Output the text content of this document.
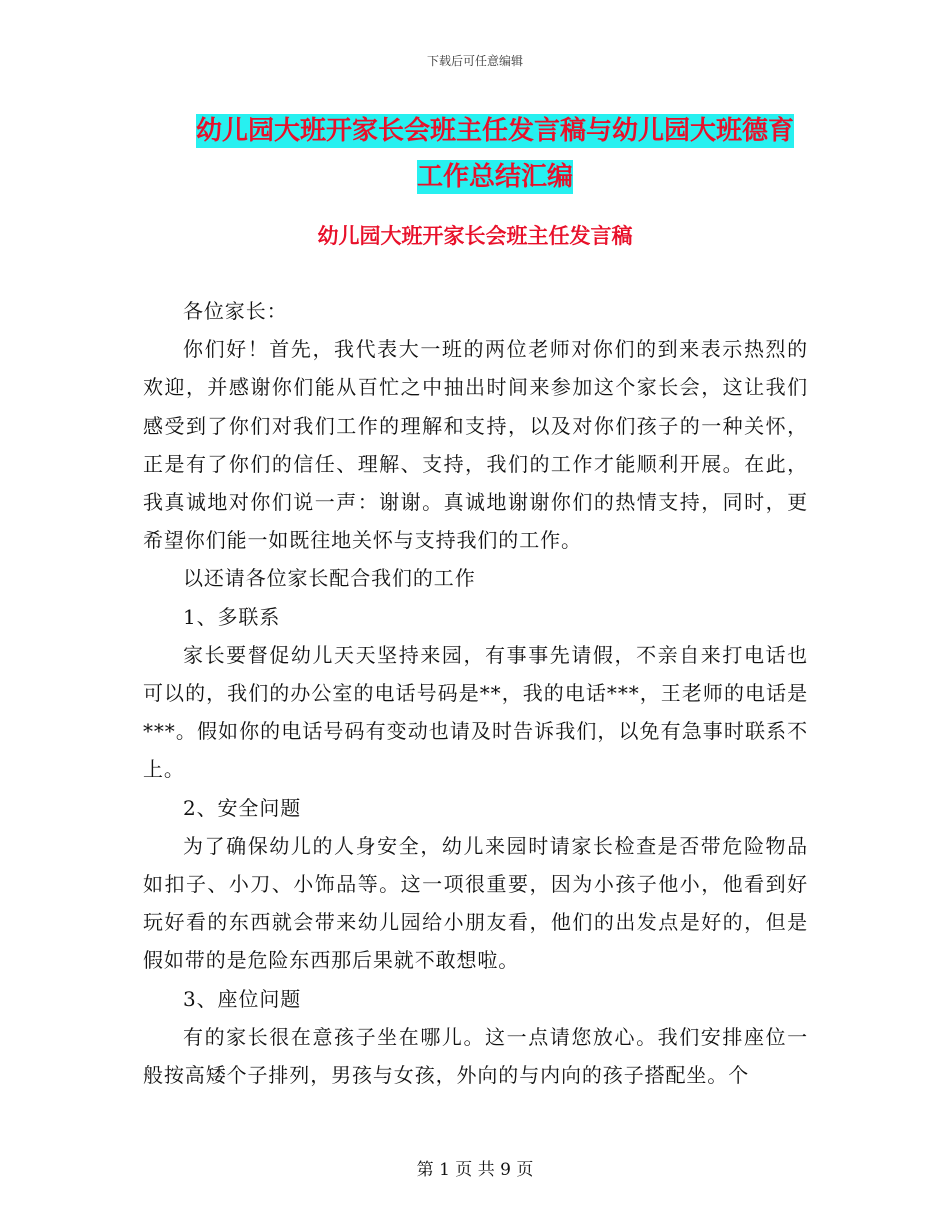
下载后可任意编辑
幼儿园大班开家长会班主任发言稿与幼儿园大班德育
工作总结汇编
幼儿园大班开家长会班主任发言稿

各位家长：

你们好！首先，我代表大一班的两位老师对你们的到来表示热烈的欢迎，并感谢你们能从百忙之中抽出时间来参加这个家长会，这让我们感受到了你们对我们工作的理解和支持，以及对你们孩子的一种关怀，正是有了你们的信任、理解、支持，我们的工作才能顺利开展。在此，我真诚地对你们说一声：谢谢。真诚地谢谢你们的热情支持，同时，更希望你们能一如既往地关怀与支持我们的工作。

以还请各位家长配合我们的工作

1、多联系

家长要督促幼儿天天坚持来园，有事事先请假，不亲自来打电话也可以的，我们的办公室的电话号码是**，我的电话***，王老师的电话是***。假如你的电话号码有变动也请及时告诉我们，以免有急事时联系不上。

2、安全问题

为了确保幼儿的人身安全，幼儿来园时请家长检查是否带危险物品如扣子、小刀、小饰品等。这一项很重要，因为小孩子他小，他看到好玩好看的东西就会带来幼儿园给小朋友看，他们的出发点是好的，但是假如带的是危险东西那后果就不敢想啦。

3、座位问题

有的家长很在意孩子坐在哪儿。这一点请您放心。我们安排座位一般按高矮个子排列，男孩与女孩，外向的与内向的孩子搭配坐。个

第 1 页 共 9 页
